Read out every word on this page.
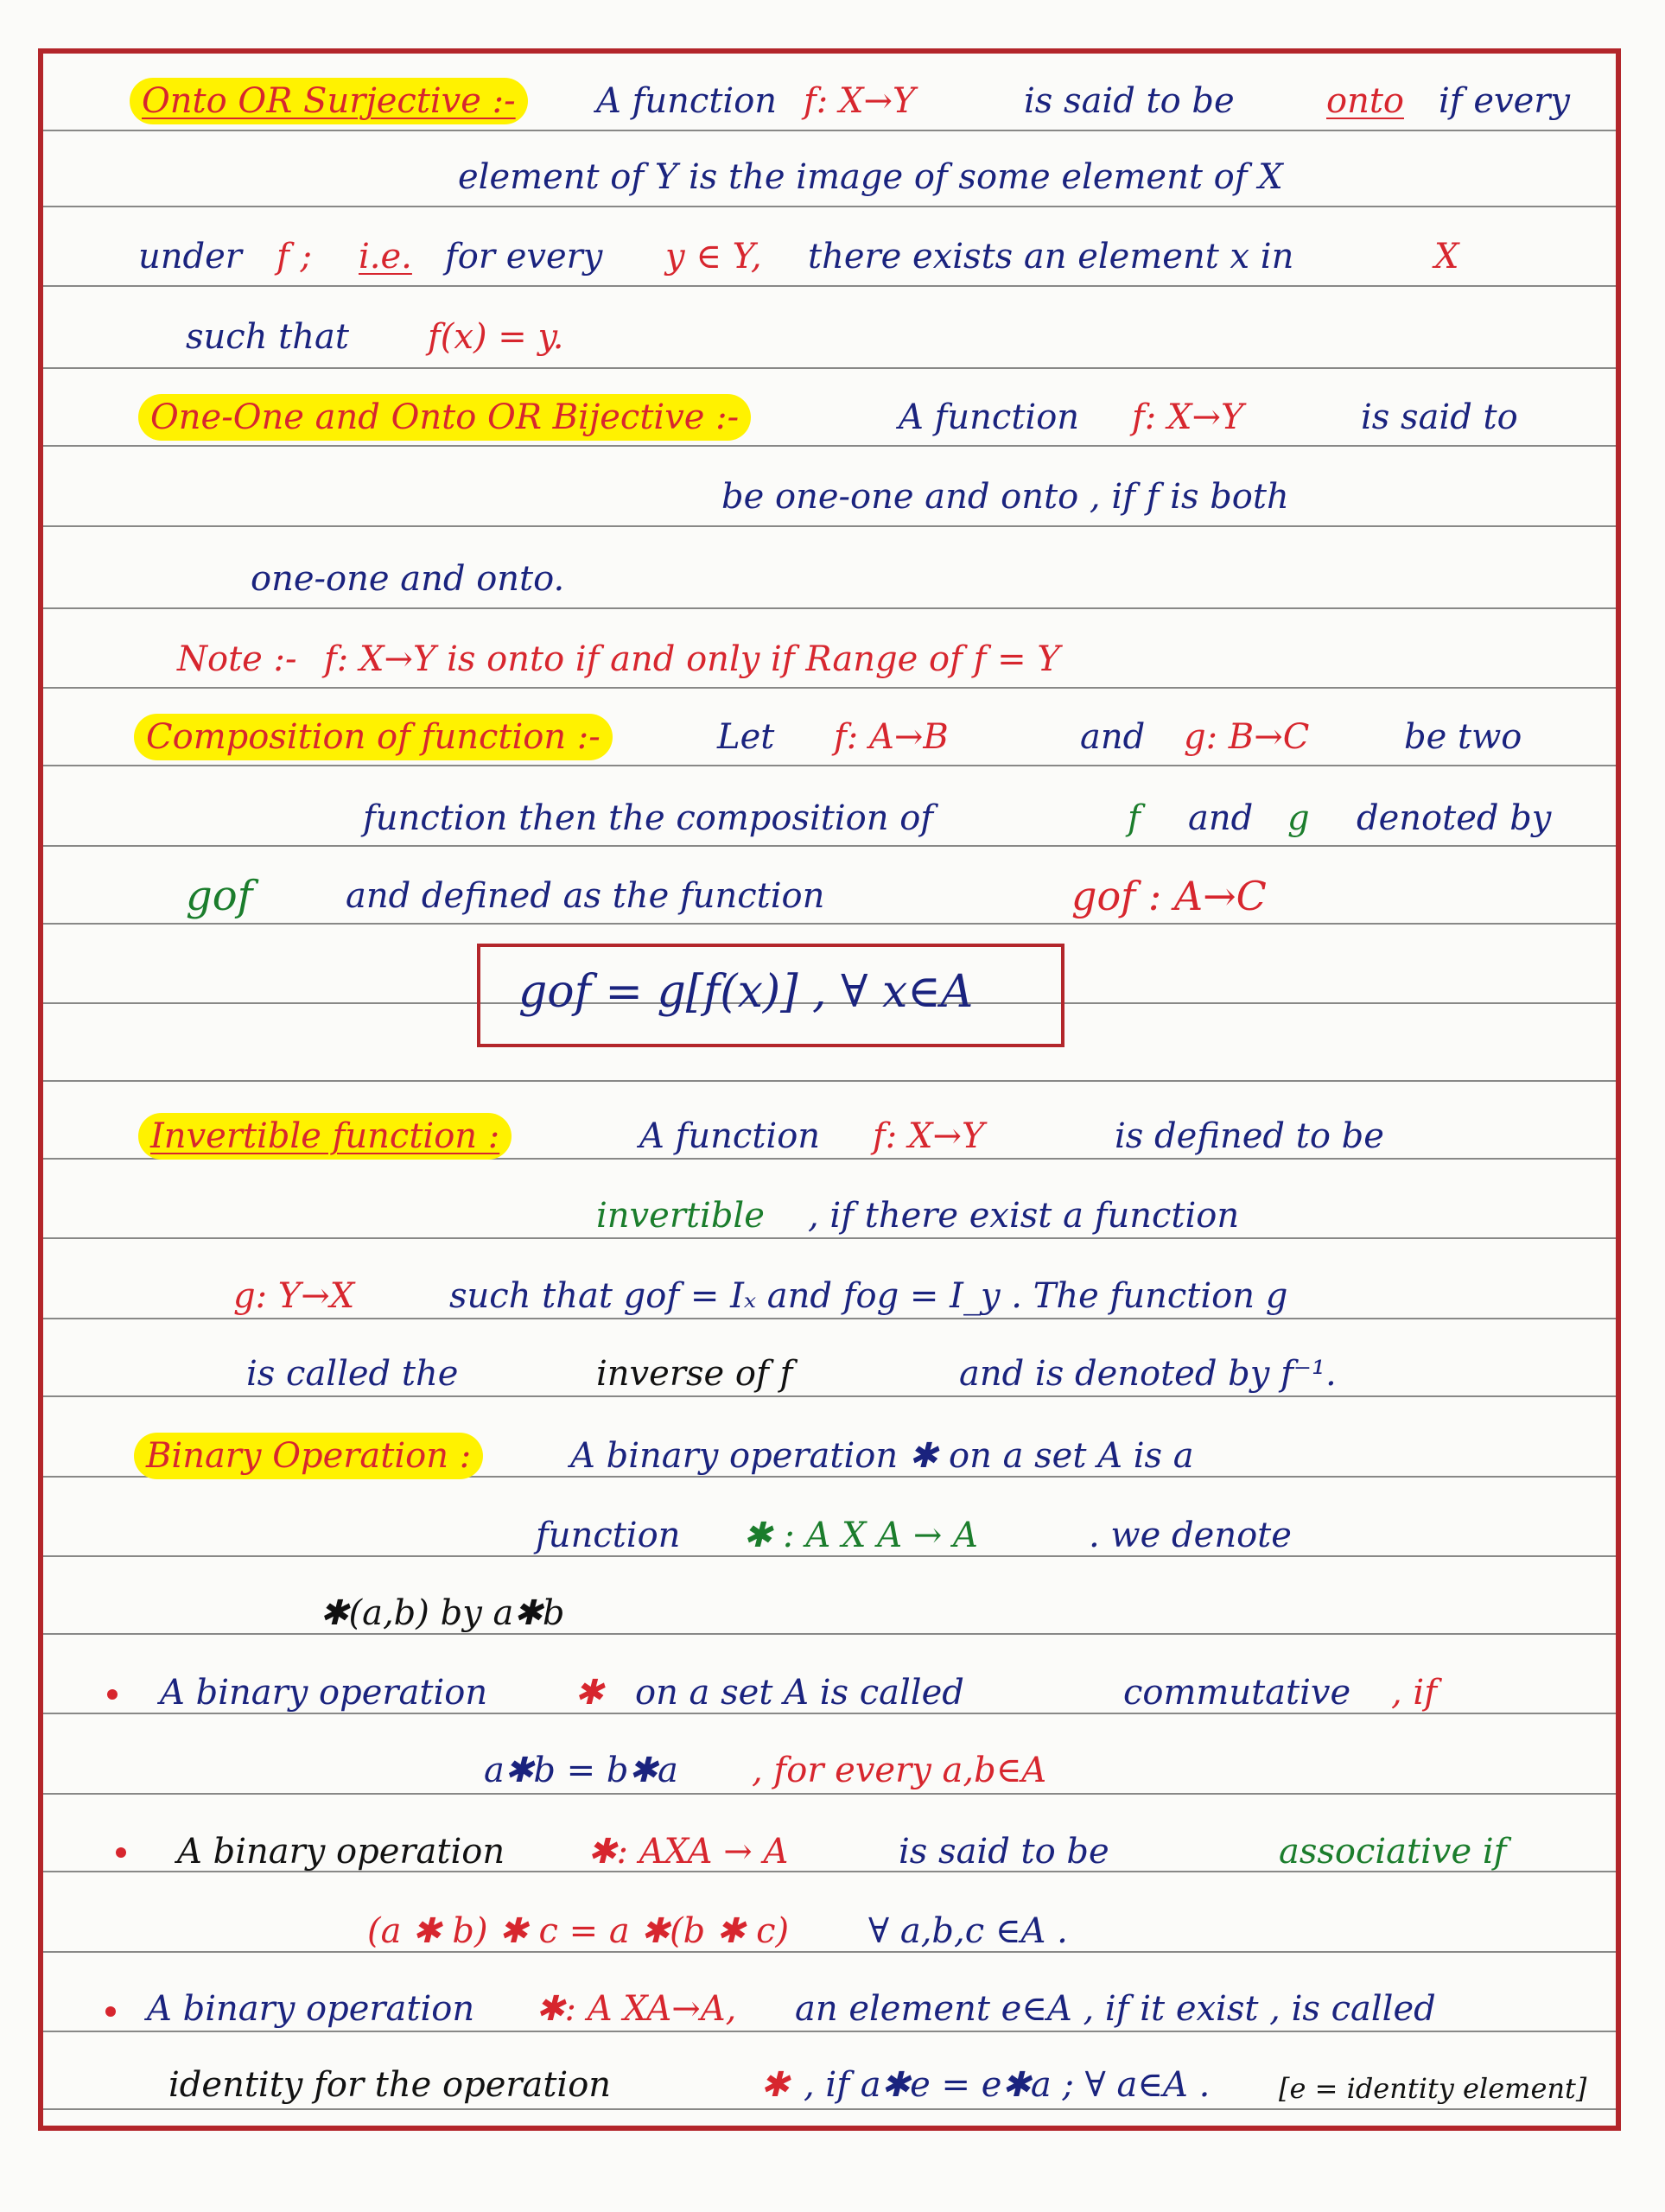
Onto OR Surjective :-	A function f: X→Y	is said to be	onto if every
element of Y is the image of some element of X
under f ; i.e. for every y ∈ Y, there exists an element x in	X
such that f(x) = y.
One-One and Onto OR Bijective :-	A function f: X→Y	is said to
be one-one and onto , if f is both
one-one and onto.
Note :- f: X→Y is onto if and only if Range of f = Y
Composition of function :-	Let f: A→B	and g: B→C	be two
function then the composition of	f and g denoted by
gof	and defined as the function	gof : A→C
gof = g[f(x)] , ∀ x∈A
Invertible function :	A function f: X→Y	is defined to be
invertible , if there exist a function
g: Y→X	such that gof = Iₓ and fog = I_y . The function g
is called the	inverse of f	and is denoted by f⁻¹.
Binary Operation :	A binary operation ✱ on a set A is a
function ✱ : A X A → A	. we denote
✱(a,b) by a✱b
A binary operation	✱ on a set A is called	commutative , if
a✱b = b✱a , for every a,b∈A
A binary operation ✱: AXA → A	is said to be	associative if
(a ✱ b) ✱ c = a ✱(b ✱ c) ∀ a,b,c ∈A .
A binary operation ✱: A XA→A, an element e∈A , if it exist , is called
identity for the operation	✱ , if a✱e = e✱a ; ∀ a∈A . [e = identity element]
